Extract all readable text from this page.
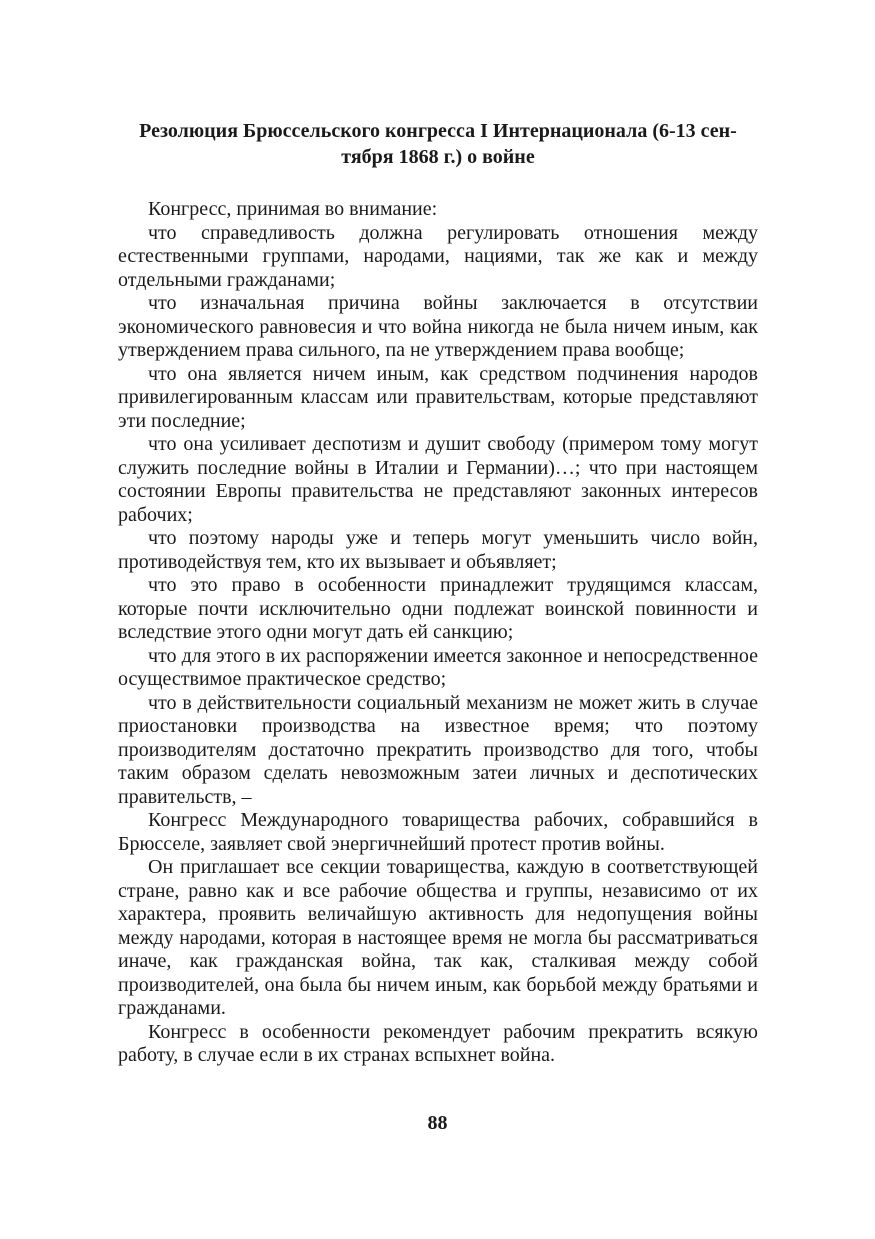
Резолюция Брюссельского конгресса I Интернационала (6-13 сен-тября 1868 г.) о войне

Конгресс, принимая во внимание:

что справедливость должна регулировать отношения между естественными группами, народами, нациями, так же как и между отдельными гражданами;

что изначальная причина войны заключается в отсутствии экономического равновесия и что война никогда не была ничем иным, как утверждением права сильного, па не утверждением права вообще;

что она является ничем иным, как средством подчинения народов привилегированным классам или правительствам, которые представляют эти последние;

что она усиливает деспотизм и душит свободу (примером тому могут служить последние войны в Италии и Германии)…; что при настоящем состоянии Европы правительства не представляют законных интересов рабочих;

что поэтому народы уже и теперь могут уменьшить число войн, противодействуя тем, кто их вызывает и объявляет;

что это право в особенности принадлежит трудящимся классам, которые почти исключительно одни подлежат воинской повинности и вследствие этого одни могут дать ей санкцию;

что для этого в их распоряжении имеется законное и непосредственное осуществимое практическое средство;

что в действительности социальный механизм не может жить в случае приостановки производства на известное время; что поэтому производителям достаточно прекратить производство для того, чтобы таким образом сделать невозможным затеи личных и деспотических правительств, –

Конгресс Международного товарищества рабочих, собравшийся в Брюсселе, заявляет свой энергичнейший протест против войны.

Он приглашает все секции товарищества, каждую в соответствующей стране, равно как и все рабочие общества и группы, независимо от их характера, проявить величайшую активность для недопущения войны между народами, которая в настоящее время не могла бы рассматриваться иначе, как гражданская война, так как, сталкивая между собой производителей, она была бы ничем иным, как борьбой между братьями и гражданами.

Конгресс в особенности рекомендует рабочим прекратить всякую работу, в случае если в их странах вспыхнет война.

88
